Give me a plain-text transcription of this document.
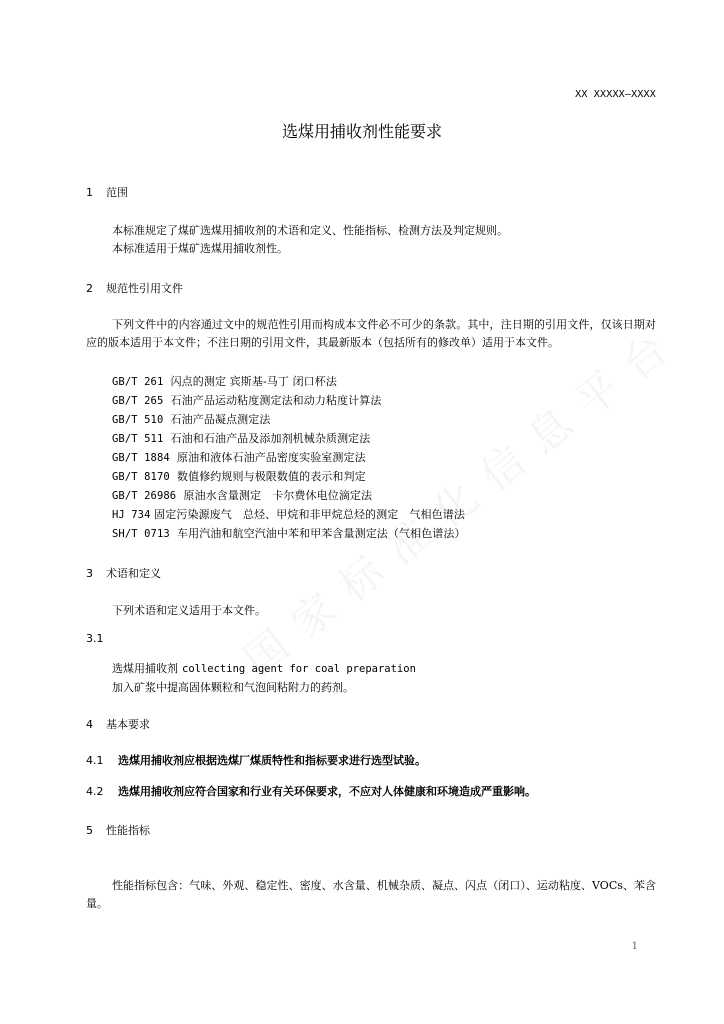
XX XXXXX—XXXX
选煤用捕收剂性能要求
1 范围
本标准规定了煤矿选煤用捕收剂的术语和定义、性能指标、检测方法及判定规则。
本标准适用于煤矿选煤用捕收剂性。
2 规范性引用文件
下列文件中的内容通过文中的规范性引用而构成本文件必不可少的条款。其中，注日期的引用文件，仅该日期对应的版本适用于本文件；不注日期的引用文件，其最新版本（包括所有的修改单）适用于本文件。
GB/T 261 闪点的测定 宾斯基-马丁 闭口杯法
GB/T 265 石油产品运动粘度测定法和动力粘度计算法
GB/T 510 石油产品凝点测定法
GB/T 511 石油和石油产品及添加剂机械杂质测定法
GB/T 1884 原油和液体石油产品密度实验室测定法
GB/T 8170 数值修约规则与极限数值的表示和判定
GB/T 26986 原油水含量测定　卡尔费休电位滴定法
HJ 734 固定污染源废气　总烃、甲烷和非甲烷总烃的测定　气相色谱法
SH/T 0713 车用汽油和航空汽油中苯和甲苯含量测定法（气相色谱法）
3 术语和定义
下列术语和定义适用于本文件。
3.1
选煤用捕收剂 collecting agent for coal preparation
加入矿浆中提高固体颗粒和气泡间粘附力的药剂。
4 基本要求
4.1 选煤用捕收剂应根据选煤厂煤质特性和指标要求进行选型试验。
4.2 选煤用捕收剂应符合国家和行业有关环保要求，不应对人体健康和环境造成严重影响。
5 性能指标
性能指标包含：气味、外观、稳定性、密度、水含量、机械杂质、凝点、闪点（闭口）、运动粘度、VOCs、苯含量。
1
